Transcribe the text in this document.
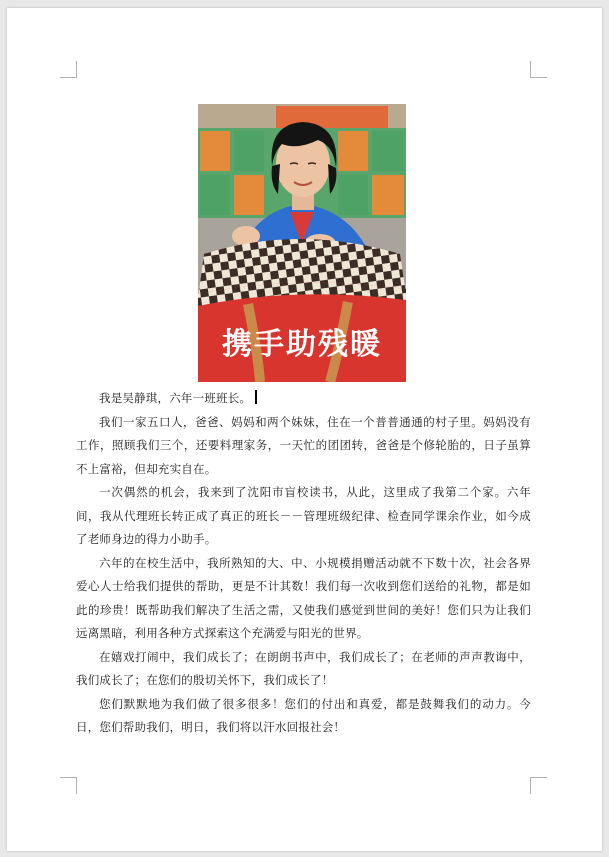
携手助残暖

我是吴静琪，六年一班班长。

我们一家五口人，爸爸、妈妈和两个妹妹，住在一个普普通通的村子里。妈妈没有工作，照顾我们三个，还要料理家务，一天忙的团团转，爸爸是个修轮胎的，日子虽算不上富裕，但却充实自在。

一次偶然的机会，我来到了沈阳市盲校读书，从此，这里成了我第二个家。六年间，我从代理班长转正成了真正的班长－－管理班级纪律、检查同学课余作业，如今成了老师身边的得力小助手。

六年的在校生活中，我所熟知的大、中、小规模捐赠活动就不下数十次，社会各界爱心人士给我们提供的帮助，更是不计其数！我们每一次收到您们送给的礼物，都是如此的珍贵！既帮助我们解决了生活之需，又使我们感觉到世间的美好！您们只为让我们远离黑暗，利用各种方式探索这个充满爱与阳光的世界。

在嬉戏打闹中，我们成长了；在朗朗书声中，我们成长了；在老师的声声教诲中，我们成长了；在您们的殷切关怀下，我们成长了！

您们默默地为我们做了很多很多！您们的付出和真爱，都是鼓舞我们的动力。今日，您们帮助我们，明日，我们将以汗水回报社会！
